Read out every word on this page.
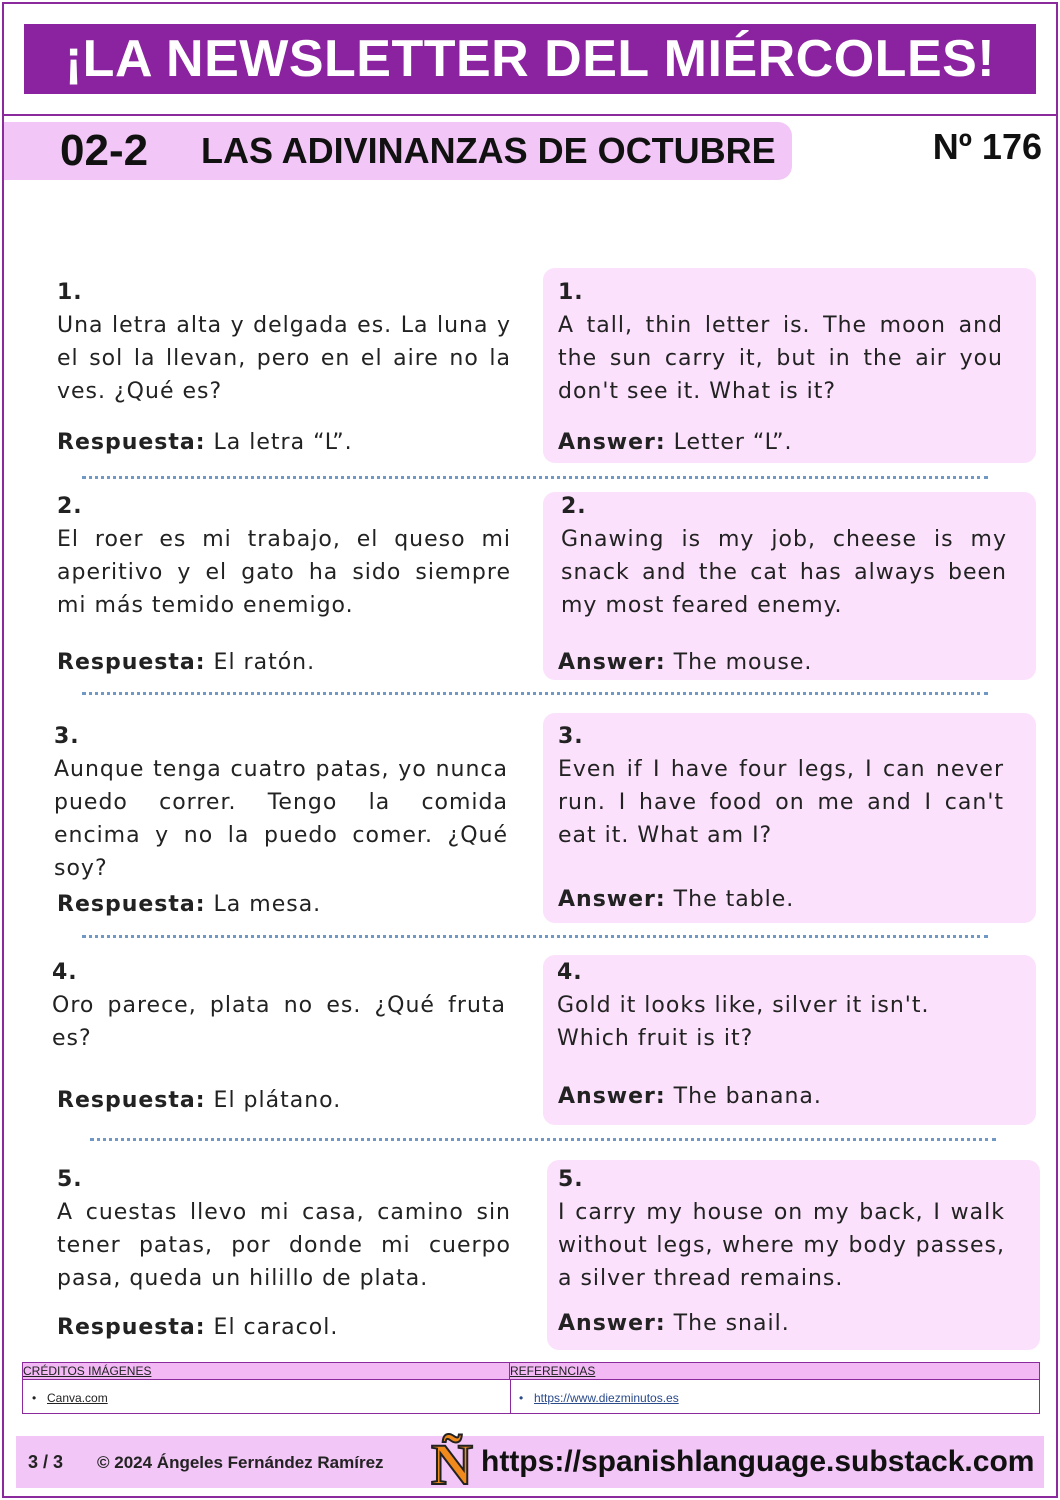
¡LA NEWSLETTER DEL MIÉRCOLES!
02-2 LAS ADIVINANZAS DE OCTUBRE	Nº 176
1.
Una letra alta y delgada es. La luna y el sol la llevan, pero en el aire no la ves. ¿Qué es?
Respuesta: La letra “L”.
1.
A tall, thin letter is. The moon and the sun carry it, but in the air you don't see it. What is it?
Answer: Letter “L”.
2.
El roer es mi trabajo, el queso mi aperitivo y el gato ha sido siempre mi más temido enemigo.
Respuesta: El ratón.
2.
Gnawing is my job, cheese is my snack and the cat has always been my most feared enemy.
Answer: The mouse.
3.
Aunque tenga cuatro patas, yo nunca puedo correr. Tengo la comida encima y no la puedo comer. ¿Qué soy?
Respuesta: La mesa.
3.
Even if I have four legs, I can never run. I have food on me and I can't eat it. What am I?
Answer: The table.
4.
Oro parece, plata no es. ¿Qué fruta es?
Respuesta: El plátano.
4.
Gold it looks like, silver it isn't. Which fruit is it?
Answer: The banana.
5.
A cuestas llevo mi casa, camino sin tener patas, por donde mi cuerpo pasa, queda un hilillo de plata.
Respuesta: El caracol.
5.
I carry my house on my back, I walk without legs, where my body passes, a silver thread remains.
Answer: The snail.
CRÉDITOS IMÁGENES	REFERENCIAS
• Canva.com
•	https://www.diezminutos.es
3 / 3 © 2024 Ángeles Fernández Ramírez Ñ https://spanishlanguage.substack.com
